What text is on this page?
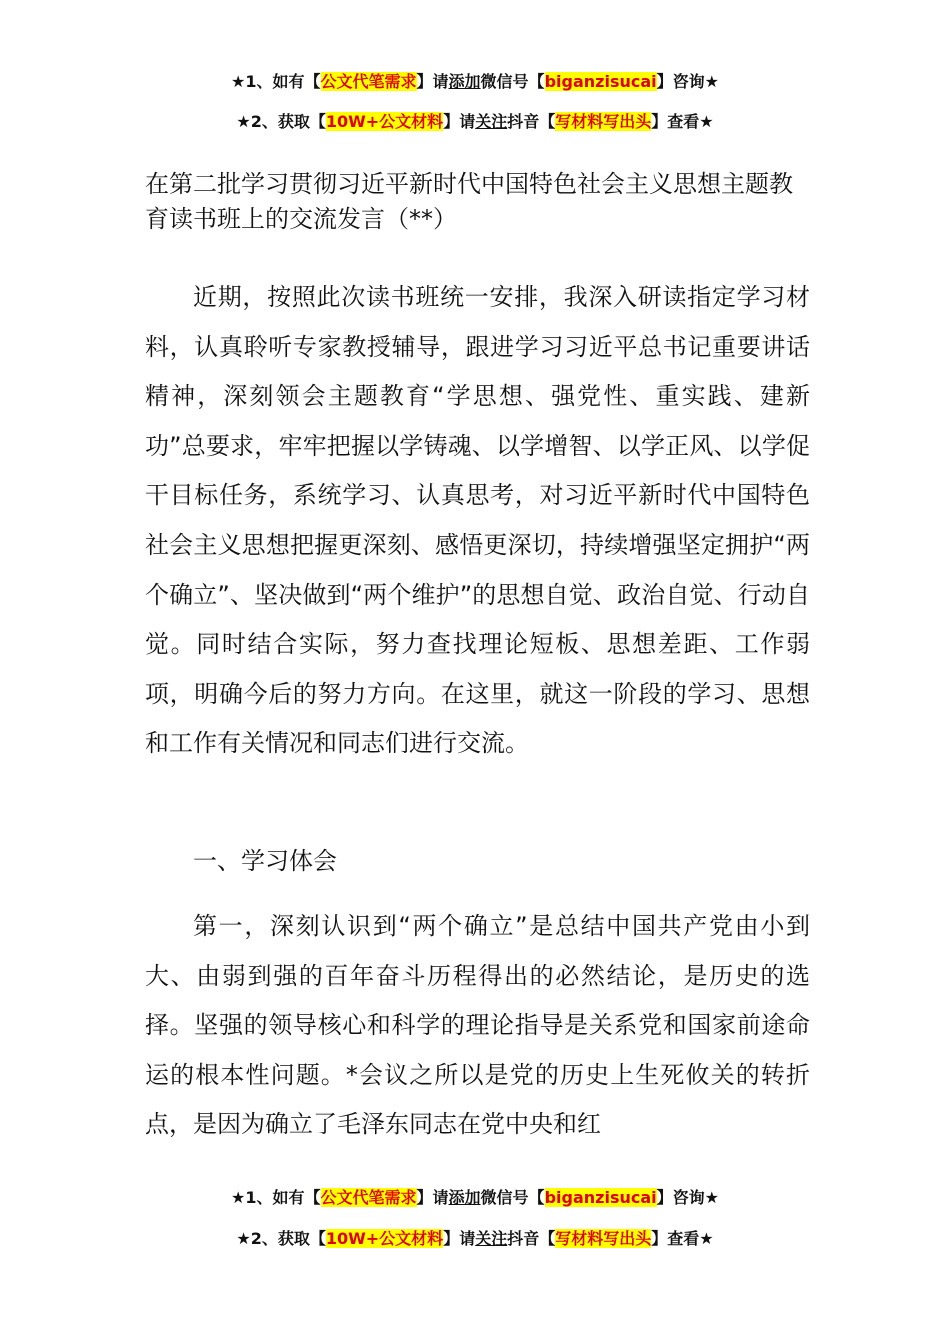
★1、如有【公文代笔需求】请添加微信号【biganzisucai】咨询★
★2、获取【10W+公文材料】请关注抖音【写材料写出头】查看★
在第二批学习贯彻习近平新时代中国特色社会主义思想主题教育读书班上的交流发言（**）
近期，按照此次读书班统一安排，我深入研读指定学习材料，认真聆听专家教授辅导，跟进学习习近平总书记重要讲话精神，深刻领会主题教育“学思想、强党性、重实践、建新功”总要求，牢牢把握以学铸魂、以学增智、以学正风、以学促干目标任务，系统学习、认真思考，对习近平新时代中国特色社会主义思想把握更深刻、感悟更深切，持续增强坚定拥护“两个确立”、坚决做到“两个维护”的思想自觉、政治自觉、行动自觉。同时结合实际，努力查找理论短板、思想差距、工作弱项，明确今后的努力方向。在这里，就这一阶段的学习、思想和工作有关情况和同志们进行交流。
一、学习体会
第一，深刻认识到“两个确立”是总结中国共产党由小到大、由弱到强的百年奋斗历程得出的必然结论，是历史的选择。坚强的领导核心和科学的理论指导是关系党和国家前途命运的根本性问题。*会议之所以是党的历史上生死攸关的转折点，是因为确立了毛泽东同志在党中央和红
★1、如有【公文代笔需求】请添加微信号【biganzisucai】咨询★
★2、获取【10W+公文材料】请关注抖音【写材料写出头】查看★
